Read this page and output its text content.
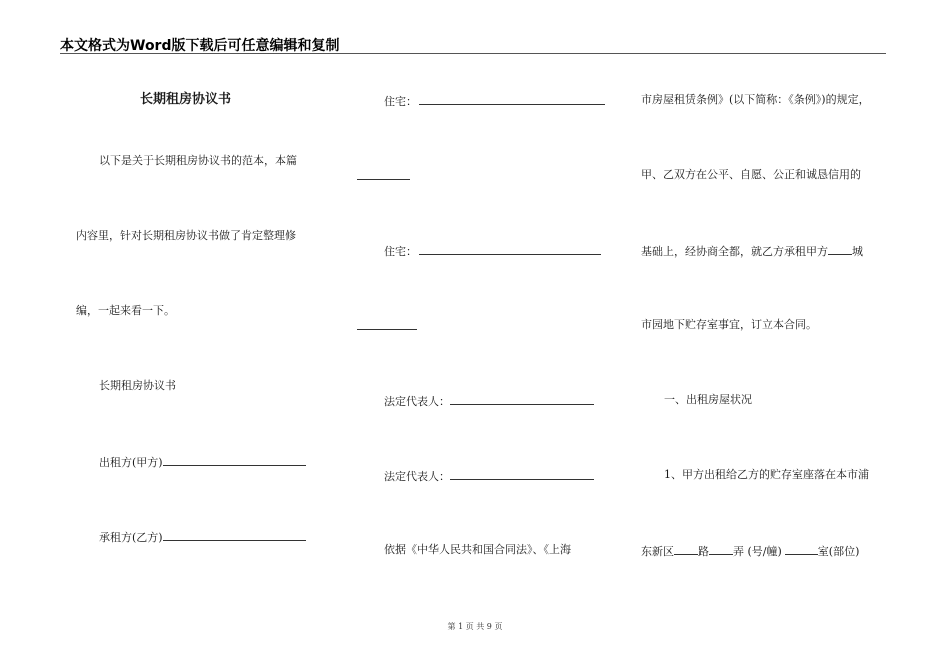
本文格式为Word版下载后可任意编辑和复制
长期租房协议书
以下是关于长期租房协议书的范本，本篇
内容里，针对长期租房协议书做了肯定整理修
编，一起来看一下。
长期租房协议书
出租方(甲方)
承租方(乙方)
住宅：
住宅：
法定代表人：
法定代表人：
依据《中华人民共和国合同法》、《上海
市房屋租赁条例》(以下简称：《条例》)的规定，
甲、乙双方在公平、自愿、公正和诚恳信用的
基础上，经协商全都，就乙方承租甲方 城
市园地下贮存室事宜，订立本合同。
一、出租房屋状况
1、甲方出租给乙方的贮存室座落在本市浦
东新区 路 弄 (号/幢)	室(部位)
第 1 页 共 9 页
